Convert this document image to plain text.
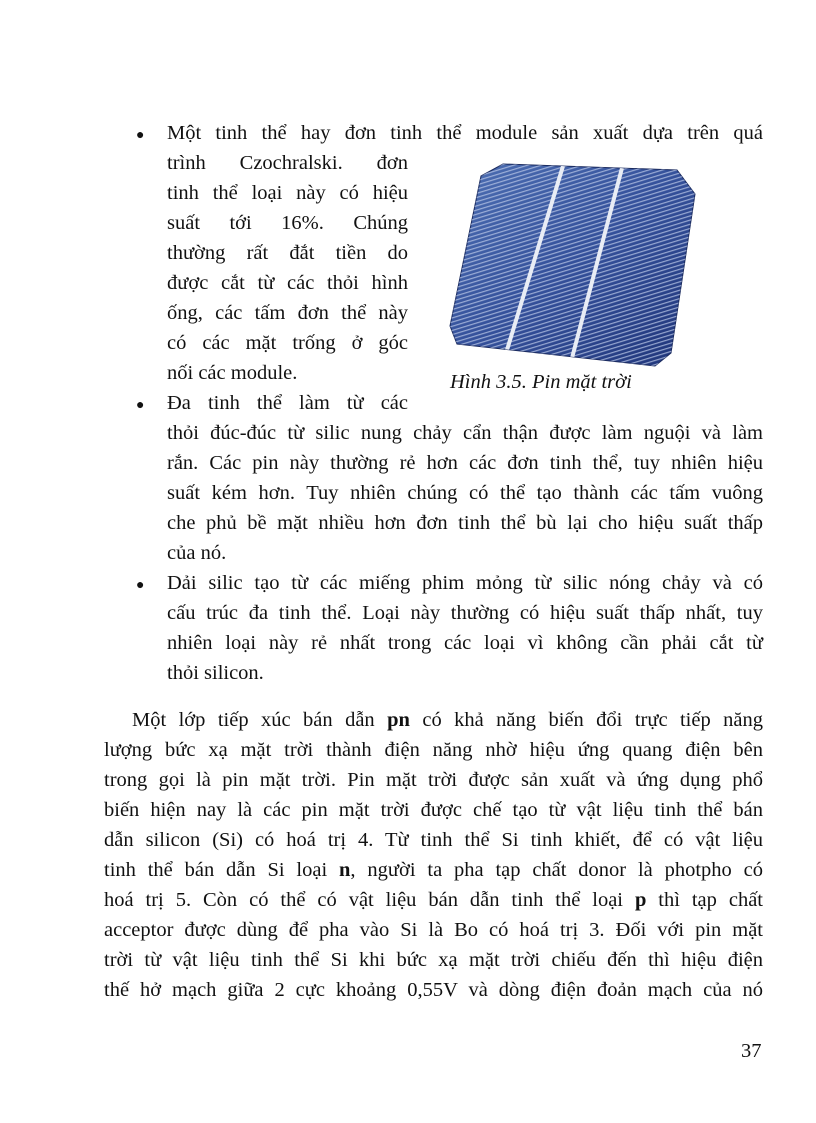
● Một tinh thể hay đơn tinh thể module sản xuất dựa trên quá
trình Czochralski. đơn
tinh thể loại này có hiệu
suất tới 16%. Chúng
thường rất đắt tiền do
được cắt từ các thỏi hình
ống, các tấm đơn thể này
có các mặt trống ở góc
nối các module.	Hình 3.5. Pin mặt trời
● Đa tinh thể làm từ các
thỏi đúc-đúc từ silic nung chảy cẩn thận được làm nguội và làm
rắn. Các pin này thường rẻ hơn các đơn tinh thể, tuy nhiên hiệu
suất kém hơn. Tuy nhiên chúng có thể tạo thành các tấm vuông
che phủ bề mặt nhiều hơn đơn tinh thể bù lại cho hiệu suất thấp
của nó.
● Dải silic tạo từ các miếng phim mỏng từ silic nóng chảy và có
cấu trúc đa tinh thể. Loại này thường có hiệu suất thấp nhất, tuy
nhiên loại này rẻ nhất trong các loại vì không cần phải cắt từ
thỏi silicon.
Một lớp tiếp xúc bán dẫn pn có khả năng biến đổi trực tiếp năng
lượng bức xạ mặt trời thành điện năng nhờ hiệu ứng quang điện bên
trong gọi là pin mặt trời. Pin mặt trời được sản xuất và ứng dụng phổ
biến hiện nay là các pin mặt trời được chế tạo từ vật liệu tinh thể bán
dẫn silicon (Si) có hoá trị 4. Từ tinh thể Si tinh khiết, để có vật liệu
tinh thể bán dẫn Si loại n, người ta pha tạp chất donor là photpho có
hoá trị 5. Còn có thể có vật liệu bán dẫn tinh thể loại p thì tạp chất
acceptor được dùng để pha vào Si là Bo có hoá trị 3. Đối với pin mặt
trời từ vật liệu tinh thể Si khi bức xạ mặt trời chiếu đến thì hiệu điện
thế hở mạch giữa 2 cực khoảng 0,55V và dòng điện đoản mạch của nó
37
